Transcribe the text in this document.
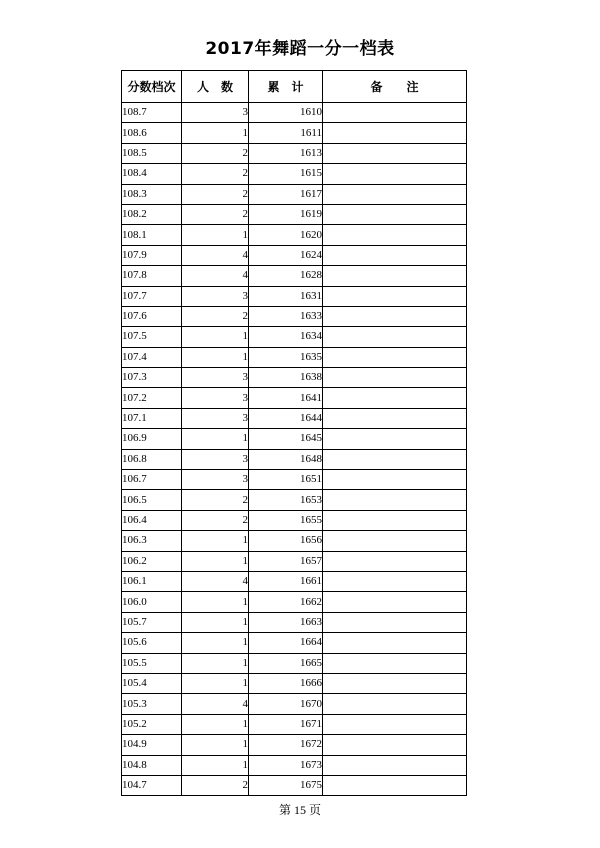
2017年舞蹈一分一档表
分数档次	人　数	累　计	备　　注
108.7	3	1610	
108.6	1	1611	
108.5	2	1613	
108.4	2	1615	
108.3	2	1617	
108.2	2	1619	
108.1	1	1620	
107.9	4	1624	
107.8	4	1628	
107.7	3	1631	
107.6	2	1633	
107.5	1	1634	
107.4	1	1635	
107.3	3	1638	
107.2	3	1641	
107.1	3	1644	
106.9	1	1645	
106.8	3	1648	
106.7	3	1651	
106.5	2	1653	
106.4	2	1655	
106.3	1	1656	
106.2	1	1657	
106.1	4	1661	
106.0	1	1662	
105.7	1	1663	
105.6	1	1664	
105.5	1	1665	
105.4	1	1666	
105.3	4	1670	
105.2	1	1671	
104.9	1	1672	
104.8	1	1673	
104.7	2	1675	
第 15 页
